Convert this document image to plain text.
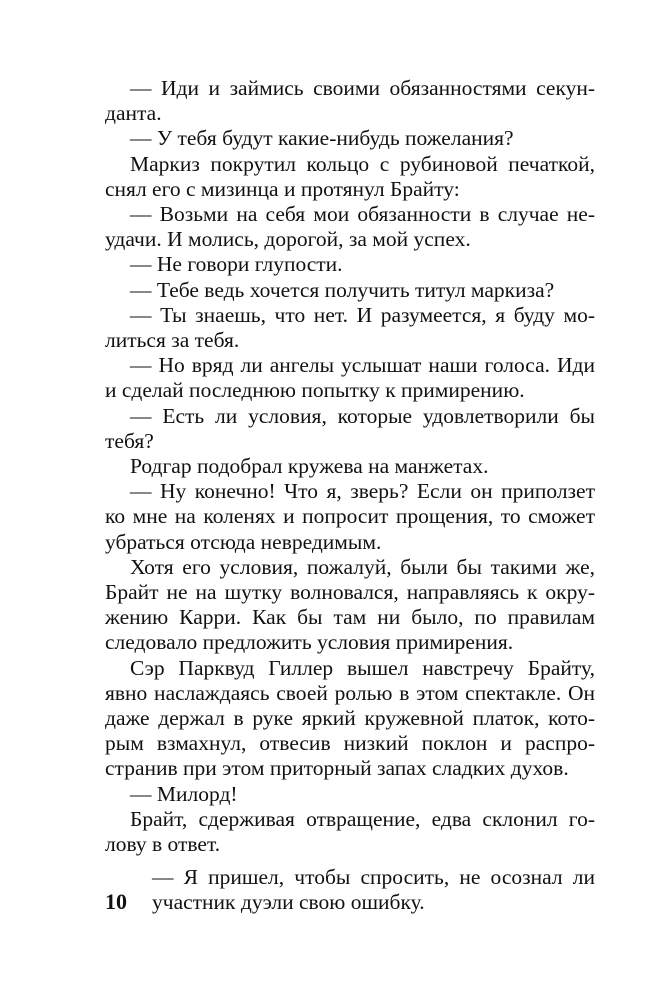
— Иди и займись своими обязанностями секун-
данта.

— У тебя будут какие-нибудь пожелания?

Маркиз покрутил кольцо с рубиновой печаткой,
снял его с мизинца и протянул Брайту:

— Возьми на себя мои обязанности в случае не-
удачи. И молись, дорогой, за мой успех.

— Не говори глупости.

— Тебе ведь хочется получить титул маркиза?

— Ты знаешь, что нет. И разумеется, я буду мо-
литься за тебя.

— Но вряд ли ангелы услышат наши голоса. Иди
и сделай последнюю попытку к примирению.

— Есть ли условия, которые удовлетворили бы
тебя?

Родгар подобрал кружева на манжетах.

— Ну конечно! Что я, зверь? Если он приползет
ко мне на коленях и попросит прощения, то сможет
убраться отсюда невредимым.

Хотя его условия, пожалуй, были бы такими же,
Брайт не на шутку волновался, направляясь к окру-
жению Карри. Как бы там ни было, по правилам
следовало предложить условия примирения.

Сэр Парквуд Гиллер вышел навстречу Брайту,
явно наслаждаясь своей ролью в этом спектакле. Он
даже держал в руке яркий кружевной платок, кото-
рым взмахнул, отвесив низкий поклон и распро-
странив при этом приторный запах сладких духов.

— Милорд!

Брайт, сдерживая отвращение, едва склонил го-
лову в ответ.

— Я пришел, чтобы спросить, не осознал ли
участник дуэли свою ошибку.
10
